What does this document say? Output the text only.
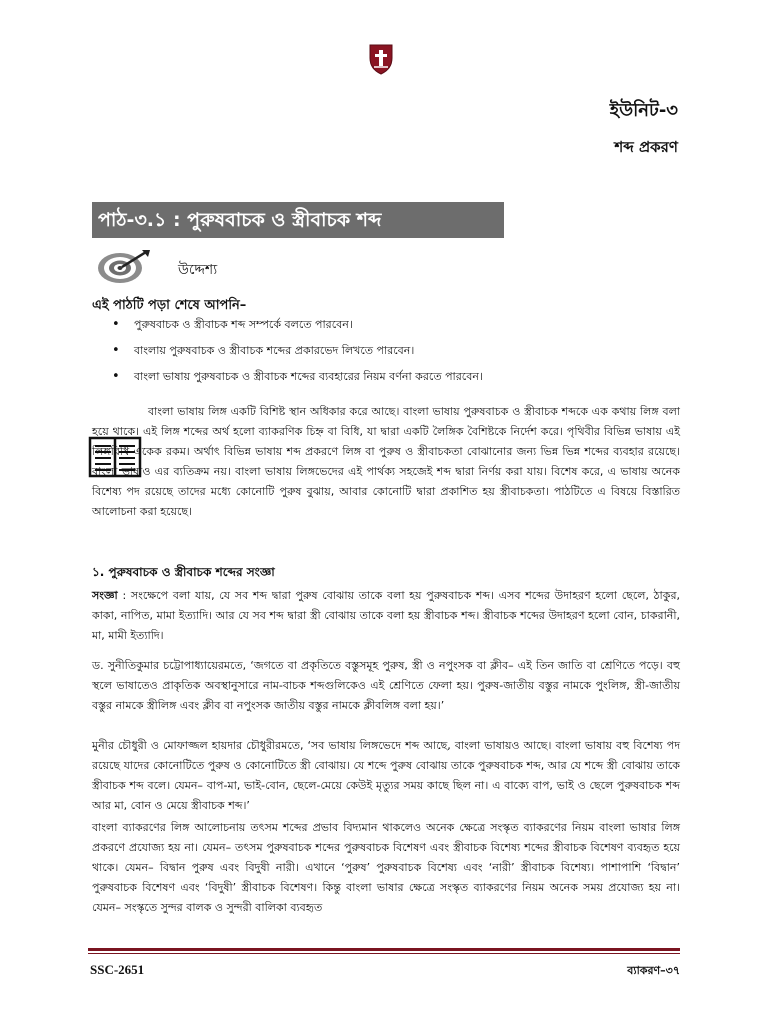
ইউনিট-৩
শব্দ প্রকরণ
পাঠ-৩.১ : পুরুষবাচক ও স্ত্রীবাচক শব্দ
উদ্দেশ্য
এই পাঠটি পড়া শেষে আপনি–
• পুরুষবাচক ও স্ত্রীবাচক শব্দ সম্পর্কে বলতে পারবেন।
• বাংলায় পুরুষবাচক ও স্ত্রীবাচক শব্দের প্রকারভেদ লিখতে পারবেন।
• বাংলা ভাষায় পুরুষবাচক ও স্ত্রীবাচক শব্দের ব্যবহারের নিয়ম বর্ণনা করতে পারবেন।

বাংলা ভাষায় লিঙ্গ একটি বিশিষ্ট স্থান অধিকার করে আছে। বাংলা ভাষায় পুরুষবাচক ও স্ত্রীবাচক শব্দকে এক কথায় লিঙ্গ বলা হয়ে থাকে। এই লিঙ্গ শব্দের অর্থ হলো ব্যাকরণিক চিহ্ন বা বিধি, যা দ্বারা একটি লৈঙ্গিক বৈশিষ্টকে নির্দেশ করে। পৃথিবীর বিভিন্ন ভাষায় এই লিঙ্গবিধি একেক রকম। অর্থাৎ বিভিন্ন ভাষায় শব্দ প্রকরণে লিঙ্গ বা পুরুষ ও স্ত্রীবাচকতা বোঝানোর জন্য ভিন্ন ভিন্ন শব্দের ব্যবহার রয়েছে। বাংলা ভাষাও এর ব্যতিক্রম নয়। বাংলা ভাষায় লিঙ্গভেদের এই পার্থক্য সহজেই শব্দ দ্বারা নির্ণয় করা যায়। বিশেষ করে, এ ভাষায় অনেক বিশেষ্য পদ রয়েছে তাদের মধ্যে কোনোটি পুরুষ বুঝায়, আবার কোনোটি দ্বারা প্রকাশিত হয় স্ত্রীবাচকতা। পাঠটিতে এ বিষয়ে বিস্তারিত আলোচনা করা হয়েছে।

১. পুরুষবাচক ও স্ত্রীবাচক শব্দের সংজ্ঞা

সংজ্ঞা : সংক্ষেপে বলা যায়, যে সব শব্দ দ্বারা পুরুষ বোঝায় তাকে বলা হয় পুরুষবাচক শব্দ। এসব শব্দের উদাহরণ হলো ছেলে, ঠাকুর, কাকা, নাপিত, মামা ইত্যাদি। আর যে সব শব্দ দ্বারা স্ত্রী বোঝায় তাকে বলা হয় স্ত্রীবাচক শব্দ। স্ত্রীবাচক শব্দের উদাহরণ হলো বোন, চাকরানী, মা, মামী ইত্যাদি।

ড. সুনীতিকুমার চট্টোপাধ্যায়েরমতে, ‘জগতে বা প্রকৃতিতে বস্তুসমূহ পুরুষ, স্ত্রী ও নপুংসক বা ক্লীব– এই তিন জাতি বা শ্রেণিতে পড়ে। বহু স্থলে ভাষাতেও প্রাকৃতিক অবস্থানুসারে নাম-বাচক শব্দগুলিকেও এই শ্রেণিতে ফেলা হয়। পুরুষ-জাতীয় বস্তুর নামকে পুংলিঙ্গ, স্ত্রী-জাতীয় বস্তুর নামকে স্ত্রীলিঙ্গ এবং ক্লীব বা নপুংসক জাতীয় বস্তুর নামকে ক্লীবলিঙ্গ বলা হয়।’

মুনীর চৌধুরী ও মোফাজ্জল হায়দার চৌধুরীরমতে, ‘সব ভাষায় লিঙ্গভেদে শব্দ আছে, বাংলা ভাষায়ও আছে। বাংলা ভাষায় বহু বিশেষ্য পদ রয়েছে যাদের কোনোটিতে পুরুষ ও কোনোটিতে স্ত্রী বোঝায়। যে শব্দে পুরুষ বোঝায় তাকে পুরুষবাচক শব্দ, আর যে শব্দে স্ত্রী বোঝায় তাকে স্ত্রীবাচক শব্দ বলে। যেমন– বাপ-মা, ভাই-বোন, ছেলে-মেয়ে কেউই মৃত্যুর সময় কাছে ছিল না। এ বাক্যে বাপ, ভাই ও ছেলে পুরুষবাচক শব্দ আর মা, বোন ও মেয়ে স্ত্রীবাচক শব্দ।’

বাংলা ব্যাকরণের লিঙ্গ আলোচনায় তৎসম শব্দের প্রভাব বিদ্যমান থাকলেও অনেক ক্ষেত্রে সংস্কৃত ব্যাকরণের নিয়ম বাংলা ভাষার লিঙ্গ প্রকরণে প্রযোজ্য হয় না। যেমন– তৎসম পুরুষবাচক শব্দের পুরুষবাচক বিশেষণ এবং স্ত্রীবাচক বিশেষ্য শব্দের স্ত্রীবাচক বিশেষণ ব্যবহৃত হয়ে থাকে। যেমন– বিদ্বান পুরুষ এবং বিদুষী নারী। এখানে ‘পুরুষ’ পুরুষবাচক বিশেষ্য এবং ‘নারী’ স্ত্রীবাচক বিশেষ্য। পাশাপাশি ‘বিদ্বান’ পুরুষবাচক বিশেষণ এবং ‘বিদুষী’ স্ত্রীবাচক বিশেষণ। কিন্তু বাংলা ভাষার ক্ষেত্রে সংস্কৃত ব্যাকরণের নিয়ম অনেক সময় প্রযোজ্য হয় না। যেমন– সংস্কৃতে সুন্দর বালক ও সুন্দরী বালিকা ব্যবহৃত

SSC-2651	ব্যাকরণ–৩৭
